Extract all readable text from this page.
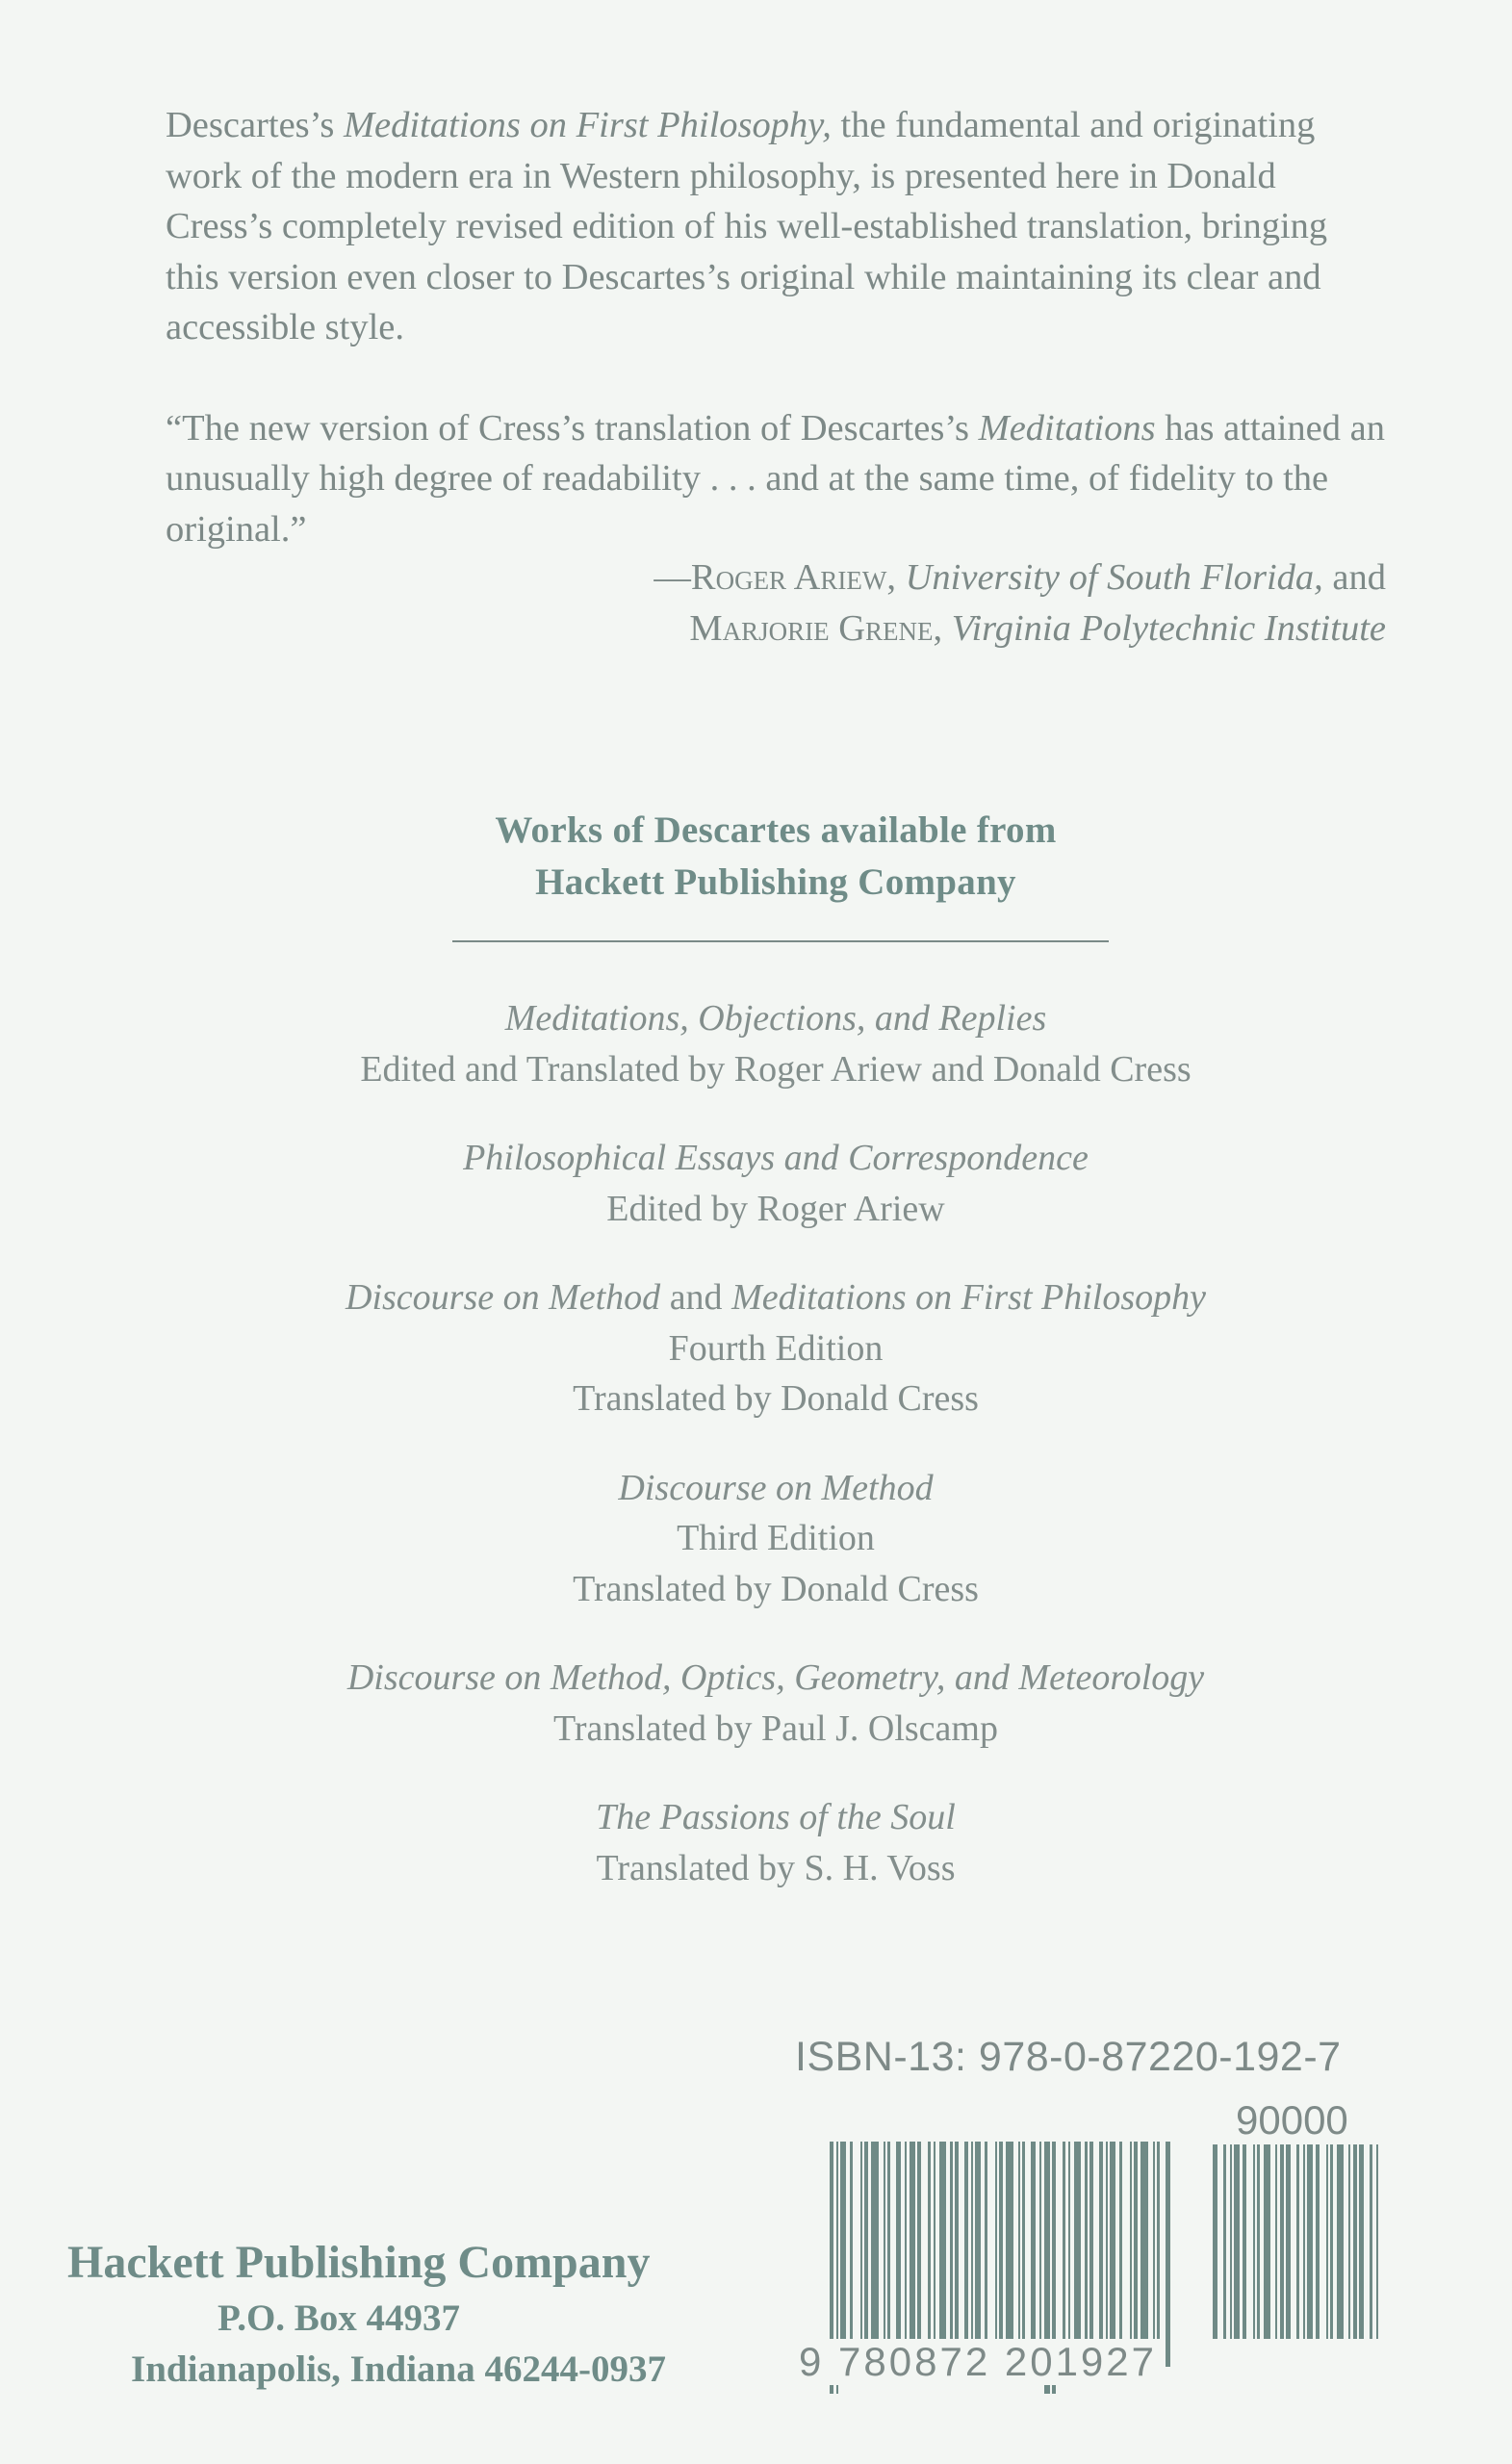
Descartes’s Meditations on First Philosophy, the fundamental and originating work of the modern era in Western philosophy, is presented here in Donald Cress’s completely revised edition of his well-established translation, bringing this version even closer to Descartes’s original while maintaining its clear and accessible style.

“The new version of Cress’s translation of Descartes’s Meditations has attained an unusually high degree of readability . . . and at the same time, of fidelity to the original.”

—Roger Ariew, University of South Florida, and
Marjorie Grene, Virginia Polytechnic Institute
Works of Descartes available from
Hackett Publishing Company
Meditations, Objections, and Replies
Edited and Translated by Roger Ariew and Donald Cress
Philosophical Essays and Correspondence
Edited by Roger Ariew
Discourse on Method and Meditations on First Philosophy
Fourth Edition
Translated by Donald Cress
Discourse on Method
Third Edition
Translated by Donald Cress
Discourse on Method, Optics, Geometry, and Meteorology
Translated by Paul J. Olscamp
The Passions of the Soul
Translated by S. H. Voss
ISBN-13: 978-0-87220-192-7
90000
9 780872 201927
Hackett Publishing Company
P.O. Box 44937
Indianapolis, Indiana 46244-0937
